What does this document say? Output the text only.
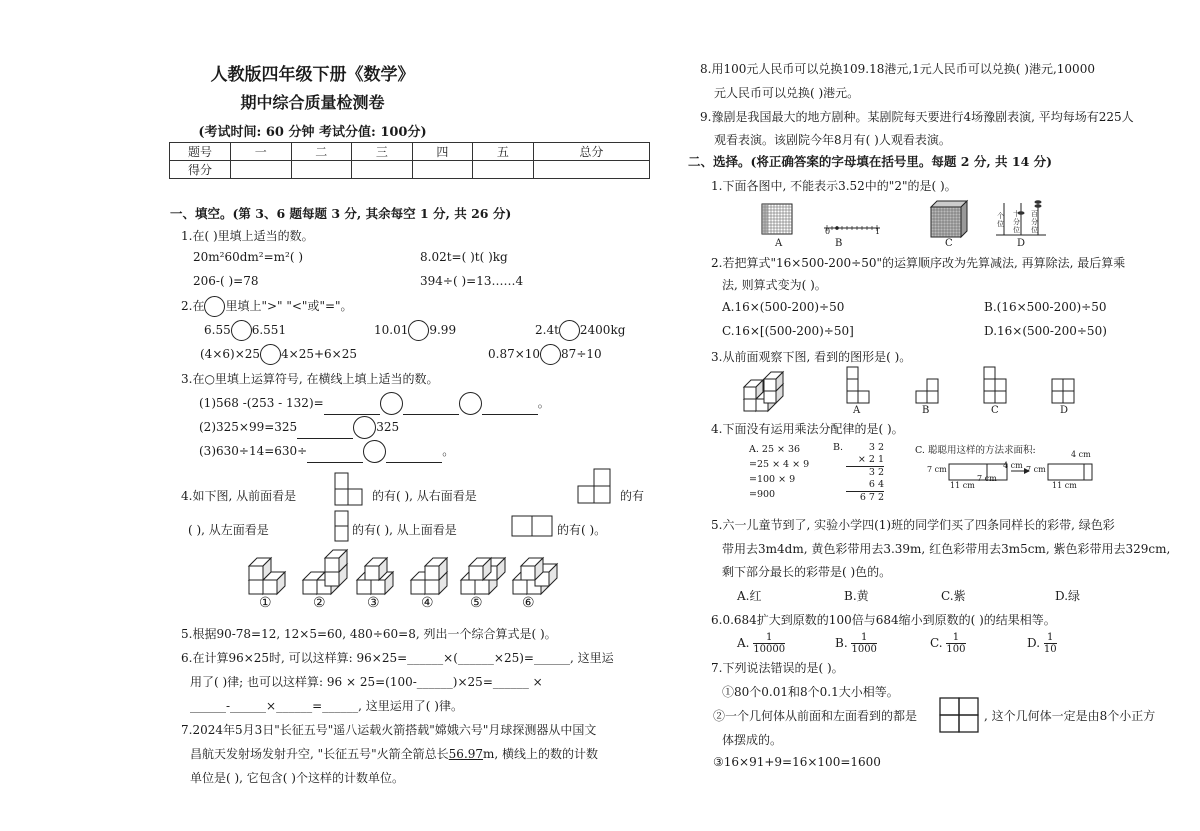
人教版四年级下册《数学》
期中综合质量检测卷
(考试时间: 60 分钟 考试分值: 100分)
题号	一	二	三	四	五	总分
得分						
一、填空。(第 3、6 题每题 3 分, 其余每空 1 分, 共 26 分)
1.在( )里填上适当的数。
20m²60dm²=m²( )	8.02t=( )t( )kg
206-( )=78	394÷( )=13……4
2.在 里填上">" "<"或"="。
6.55 6.551	10.01 9.99	2.4t 2400kg
(4×6)×25 4×25+6×25	0.87×10 87÷10
3.在○里填上运算符号, 在横线上填上适当的数。
(1)568 -(253 - 132)=	。
(2)325×99=325	325
(3)630÷14=630÷	。
4.如下图, 从前面看是	的有( ), 从右面看是	的有
( ), 从左面看是	的有( ), 从上面看是	的有( )。
①	②	③	④	⑤	⑥
5.根据90-78=12, 12×5=60, 480÷60=8, 列出一个综合算式是( )。
6.在计算96×25时, 可以这样算: 96×25=______×(______×25)=______, 这里运
用了( )律; 也可以这样算: 96 × 25=(100-______)×25=______ ×
______-______×______=______, 这里运用了( )律。
7.2024年5月3日"长征五号"遥八运载火箭搭载"嫦娥六号"月球探测器从中国文
昌航天发射场发射升空, "长征五号"火箭全箭总长56.97m, 横线上的数的计数
单位是( ), 它包含( )个这样的计数单位。
8.用100元人民币可以兑换109.18港元,1元人民币可以兑换( )港元,10000
元人民币可以兑换( )港元。
9.豫剧是我国最大的地方剧种。某剧院每天要进行4场豫剧表演, 平均每场有225人
观看表演。该剧院今年8月有( )人观看表演。
二、选择。(将正确答案的字母填在括号里。每题 2 分, 共 14 分)
1.下面各图中, 不能表示3.52中的"2"的是( )。
A
0	1
B	C
个位
十分位
百分位
D
2.若把算式"16×500-200÷50"的运算顺序改为先算减法, 再算除法, 最后算乘
法, 则算式变为( )。
A.16×(500-200)÷50	B.(16×500-200)÷50
C.16×[(500-200)÷50]	D.16×(500-200÷50)
3.从前面观察下图, 看到的图形是( )。
A	B	C	D
4.下面没有运用乘法分配律的是( )。
A. 25 × 36
=25 × 4 × 9
=100 × 9
=900
B.	3 2
× 2 1
3 2
6 4
6 7 2
C. 聪聪用这样的方法求面积:
7 cm
11 cm
7 cm
4 cm 7 cm
11 cm
4 cm
5.六一儿童节到了, 实验小学四(1)班的同学们买了四条同样长的彩带, 绿色彩
带用去3m4dm, 黄色彩带用去3.39m, 红色彩带用去3m5cm, 紫色彩带用去329cm,
剩下部分最长的彩带是( )色的。
A.红	B.黄	C.紫	D.绿
6.0.684扩大到原数的100倍与684缩小到原数的( )的结果相等。
A. $\frac{1}{10000}$	B. $\frac{1}{1000}$	C. $\frac{1}{100}$	D. $\frac{1}{10}$
7.下列说法错误的是( )。
①80个0.01和8个0.1大小相等。
②一个几何体从前面和左面看到的都是	, 这个几何体一定是由8个小正方
体摆成的。
③16×91+9=16×100=1600
